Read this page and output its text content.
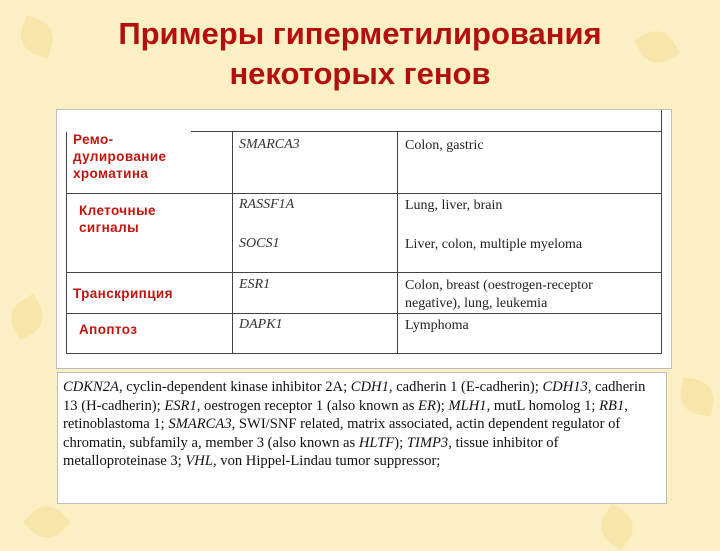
Примеры гиперметилирования
некоторых генов
Ремо-
дулирование
хроматина
Клеточные
сигналы
Транскрипция
Апоптоз
SMARCA3
RASSF1A
SOCS1
ESR1
DAPK1
Colon, gastric
Lung, liver, brain
Liver, colon, multiple myeloma
Colon, breast (oestrogen-receptor
negative), lung, leukemia
Lymphoma
CDKN2A, cyclin-dependent kinase inhibitor 2A; CDH1, cadherin 1 (E-cadherin); CDH13, cadherin 13 (H-cadherin); ESR1, oestrogen receptor 1 (also known as ER); MLH1, mutL homolog 1; RB1, retinoblastoma 1; SMARCA3, SWI/SNF related, matrix associated, actin dependent regulator of chromatin, subfamily a, member 3 (also known as HLTF); TIMP3, tissue inhibitor of metalloproteinase 3; VHL, von Hippel-Lindau tumor suppressor;
